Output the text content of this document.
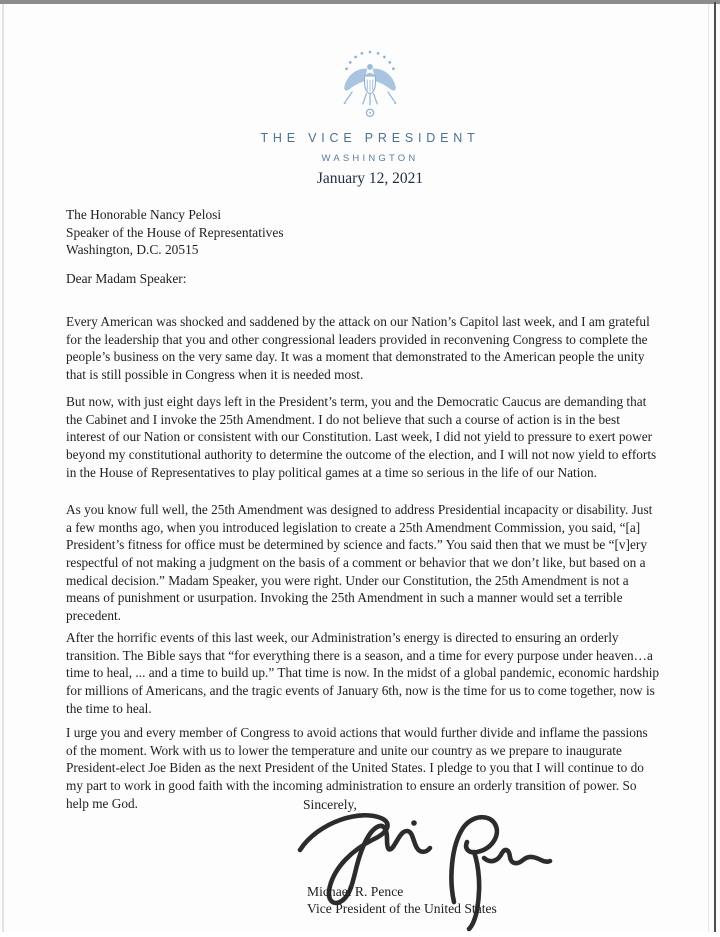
THE VICE PRESIDENT
WASHINGTON
January 12, 2021
The Honorable Nancy Pelosi
Speaker of the House of Representatives
Washington, D.C. 20515
Dear Madam Speaker:

Every American was shocked and saddened by the attack on our Nation’s Capitol last week, and I am grateful for the leadership that you and other congressional leaders provided in reconvening Congress to complete the people’s business on the very same day. It was a moment that demonstrated to the American people the unity that is still possible in Congress when it is needed most.

But now, with just eight days left in the President’s term, you and the Democratic Caucus are demanding that the Cabinet and I invoke the 25th Amendment. I do not believe that such a course of action is in the best interest of our Nation or consistent with our Constitution. Last week, I did not yield to pressure to exert power beyond my constitutional authority to determine the outcome of the election, and I will not now yield to efforts in the House of Representatives to play political games at a time so serious in the life of our Nation.

As you know full well, the 25th Amendment was designed to address Presidential incapacity or disability. Just a few months ago, when you introduced legislation to create a 25th Amendment Commission, you said, “[a] President’s fitness for office must be determined by science and facts.” You said then that we must be “[v]ery respectful of not making a judgment on the basis of a comment or behavior that we don’t like, but based on a medical decision.” Madam Speaker, you were right. Under our Constitution, the 25th Amendment is not a means of punishment or usurpation. Invoking the 25th Amendment in such a manner would set a terrible precedent.

After the horrific events of this last week, our Administration’s energy is directed to ensuring an orderly transition. The Bible says that “for everything there is a season, and a time for every purpose under heaven…a time to heal, ... and a time to build up.” That time is now. In the midst of a global pandemic, economic hardship for millions of Americans, and the tragic events of January 6th, now is the time for us to come together, now is the time to heal.

I urge you and every member of Congress to avoid actions that would further divide and inflame the passions of the moment. Work with us to lower the temperature and unite our country as we prepare to inaugurate President-elect Joe Biden as the next President of the United States. I pledge to you that I will continue to do my part to work in good faith with the incoming administration to ensure an orderly transition of power. So help me God.	Sincerely,
Michael R. Pence
Vice President of the United States
